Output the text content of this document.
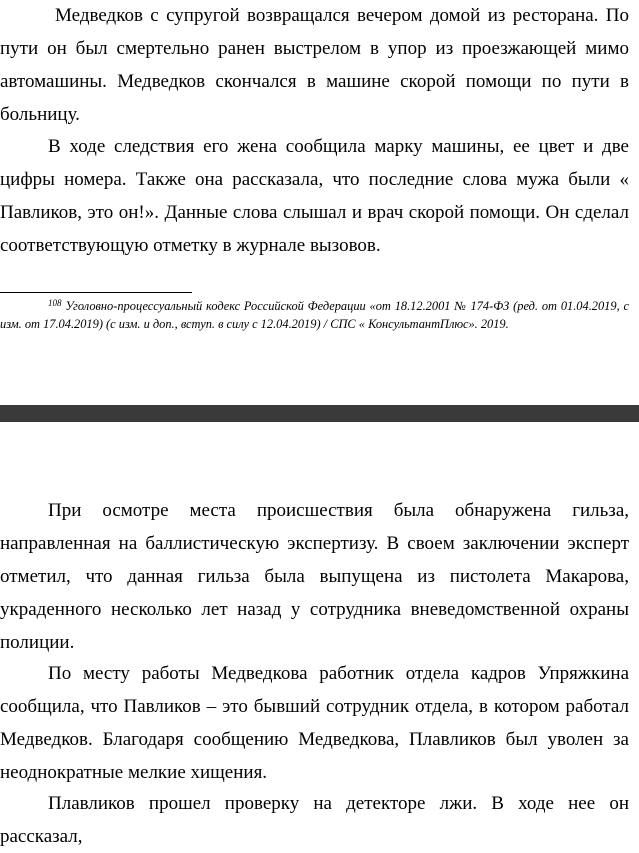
Медведков с супругой возвращался вечером домой из ресторана. По пути он был смертельно ранен выстрелом в упор из проезжающей мимо автомашины. Медведков скончался в машине скорой помощи по пути в больницу.

В ходе следствия его жена сообщила марку машины, ее цвет и две цифры номера. Также она рассказала, что последние слова мужа были « Павликов, это он!». Данные слова слышал и врач скорой помощи. Он сделал соответствующую отметку в журнале вызовов.

$^{108}$ Уголовно-процессуальный кодекс Российской Федерации «от 18.12.2001 № 174-ФЗ (ред. от 01.04.2019, с изм. от 17.04.2019) (с изм. и доп., вступ. в силу с 12.04.2019) / СПС « КонсультантПлюс». 2019.

При осмотре места происшествия была обнаружена гильза, направленная на баллистическую экспертизу. В своем заключении эксперт отметил, что данная гильза была выпущена из пистолета Макарова, украденного несколько лет назад у сотрудника вневедомственной охраны полиции.

По месту работы Медведкова работник отдела кадров Упряжкина сообщила, что Павликов – это бывший сотрудник отдела, в котором работал Медведков. Благодаря сообщению Медведкова, Плавликов был уволен за неоднократные мелкие хищения.

Плавликов прошел проверку на детекторе лжи. В ходе нее он рассказал,
